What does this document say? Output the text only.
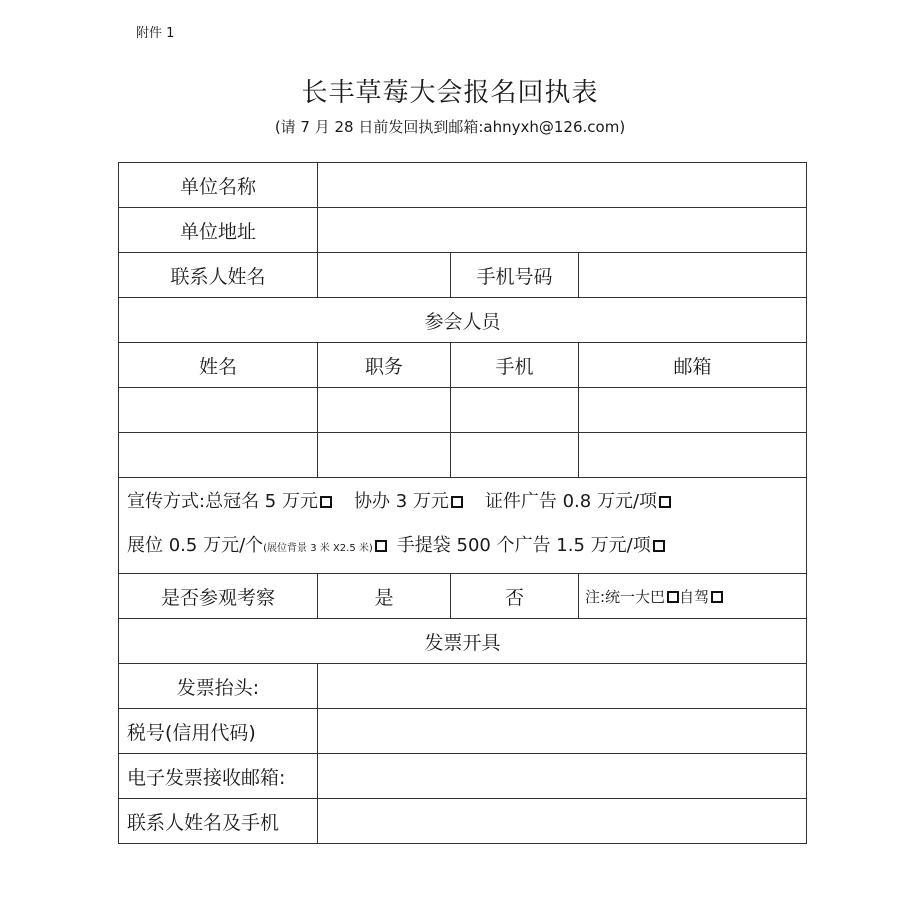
附件 1
长丰草莓大会报名回执表
(请 7 月 28 日前发回执到邮箱:ahnyxh@126.com)
单位名称			
单位地址			
联系人姓名		手机号码	
参会人员			
姓名	职务	手机	邮箱

宣传方式:总冠名 5 万元 协办 3 万元 证件广告 0.8 万元/项
展位 0.5 万元/个(展位背景 3 米 X2.5 米) 手提袋 500 个广告 1.5 万元/项			

是否参观考察	是	否	注:统一大巴 自驾
发票开具			
发票抬头:			
税号(信用代码)			
电子发票接收邮箱:			
联系人姓名及手机			
